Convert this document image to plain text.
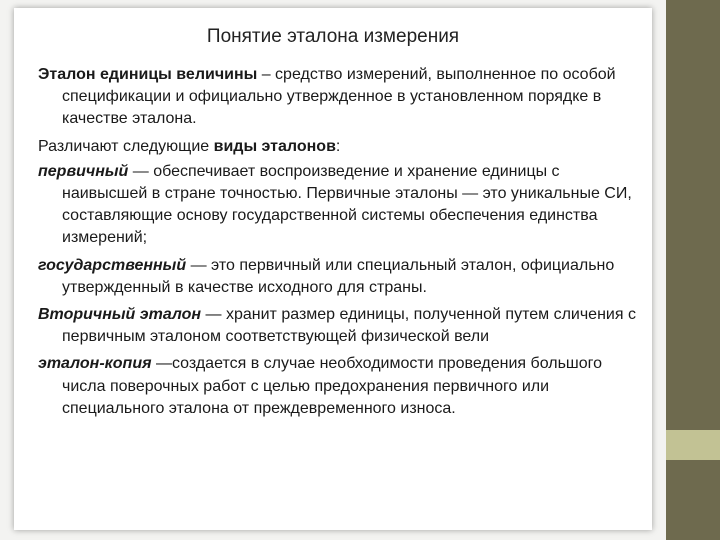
Понятие эталона измерения

Эталон единицы величины – средство измерений, выполненное по особой спецификации и официально утвержденное в установленном порядке в качестве эталона.

Различают следующие виды эталонов:

первичный — обеспечивает воспроизведение и хранение единицы с наивысшей в стране точностью. Первичные эталоны — это уникальные СИ, составляющие основу государственной системы обеспечения единства измерений;

государственный — это первичный или специальный эталон, официально утвержденный в качестве исходного для страны.

Вторичный эталон — хранит размер единицы, полученной путем сличения с первичным эталоном соответствующей физической вели

эталон-копия —создается в случае необходимости проведения большого числа поверочных работ с целью предохранения первичного или специального эталона от преждевременного износа.
